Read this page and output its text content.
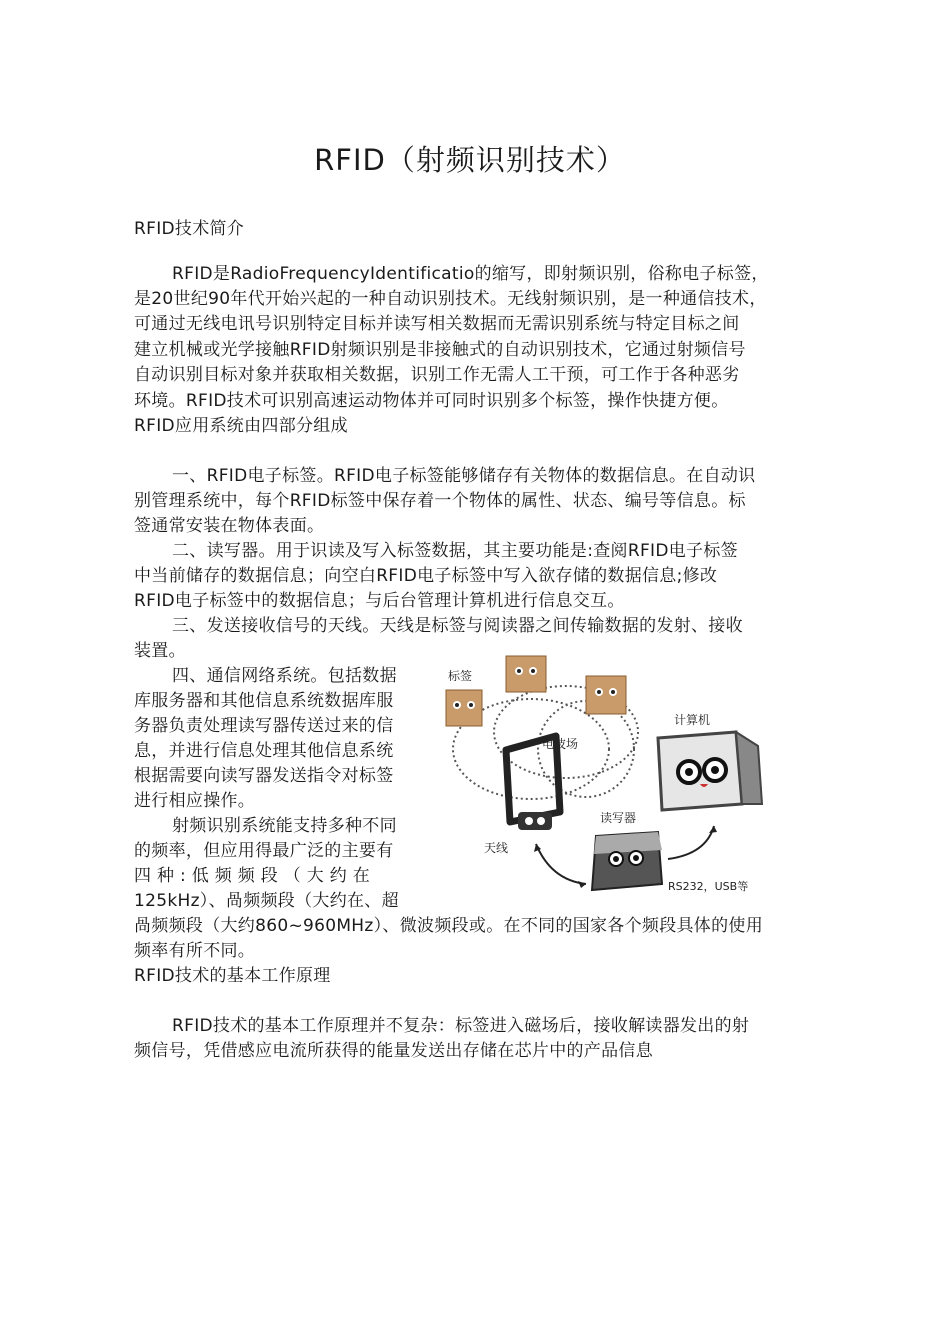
RFID（射频识别技术）
RFID技术简介
RFID是RadioFrequencyIdentificatio的缩写，即射频识别，俗称电子标签，
是20世纪90年代开始兴起的一种自动识别技术。无线射频识别，是一种通信技术，
可通过无线电讯号识别特定目标并读写相关数据而无需识别系统与特定目标之间
建立机械或光学接触RFID射频识别是非接触式的自动识别技术，它通过射频信号
自动识别目标对象并获取相关数据，识别工作无需人工干预，可工作于各种恶劣
环境。RFID技术可识别高速运动物体并可同时识别多个标签，操作快捷方便。
RFID应用系统由四部分组成
一、RFID电子标签。RFID电子标签能够储存有关物体的数据信息。在自动识
别管理系统中，每个RFID标签中保存着一个物体的属性、状态、编号等信息。标
签通常安装在物体表面。
二、读写器。用于识读及写入标签数据，其主要功能是:查阅RFID电子标签
中当前储存的数据信息；向空白RFID电子标签中写入欲存储的数据信息;修改
RFID电子标签中的数据信息；与后台管理计算机进行信息交互。
三、发送接收信号的天线。天线是标签与阅读器之间传输数据的发射、接收
装置。
四、通信网络系统。包括数据
库服务器和其他信息系统数据库服
务器负责处理读写器传送过来的信
息，并进行信息处理其他信息系统
根据需要向读写器发送指令对标签
进行相应操作。
射频识别系统能支持多种不同
的频率，但应用得最广泛的主要有
四 种 : 低 频 频 段 （ 大 约 在
125kHz）、咼频频段（大约在、超
咼频频段（大约860~960MHz）、微波频段或。在不同的国家各个频段具体的使用
频率有所不同。
RFID技术的基本工作原理
RFID技术的基本工作原理并不复杂：标签进入磁场后，接收解读器发出的射
频信号，凭借感应电流所获得的能量发送出存储在芯片中的产品信息
标签
电波场
计算机
读写器
天线
RS232，USB等
